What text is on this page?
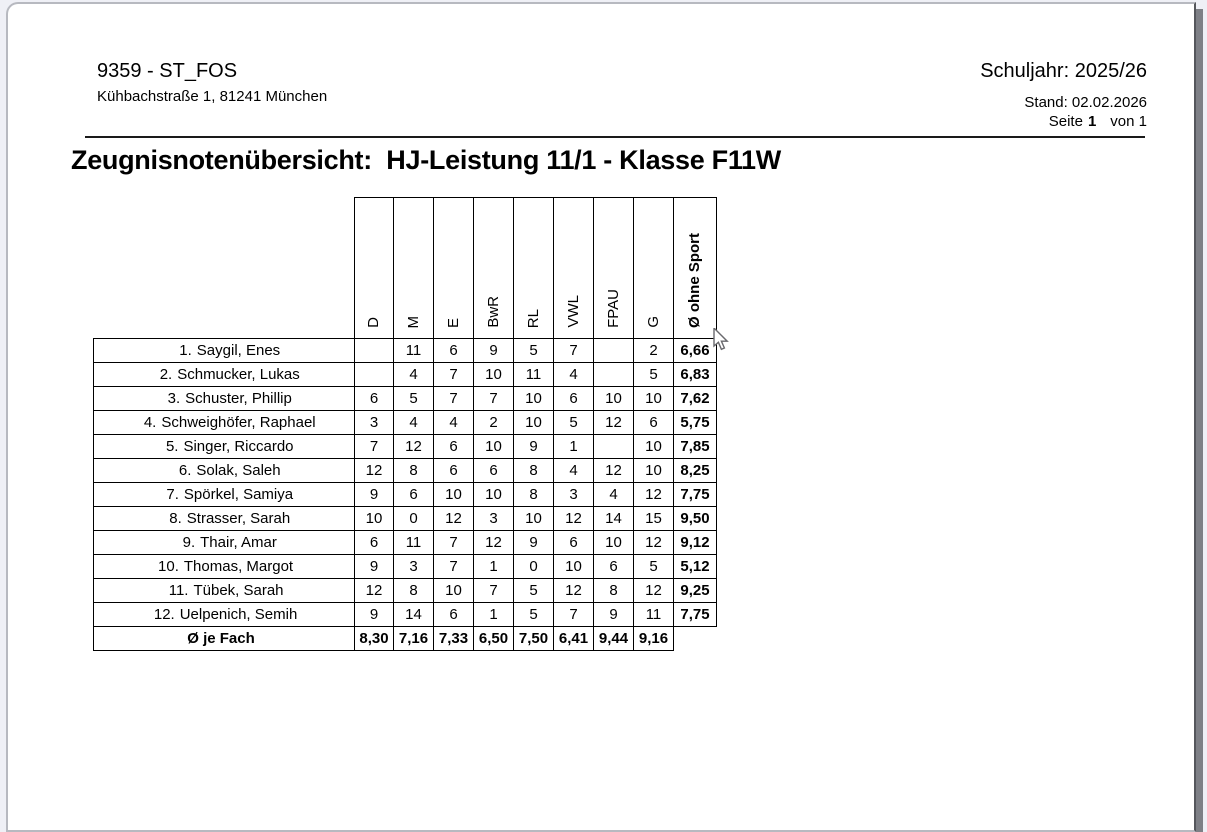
9359 - ST_FOS
Kühbachstraße 1, 81241 München
Schuljahr: 2025/26
Stand: 02.02.2026
Seite 1 von 1
Zeugnisnotenübersicht:  HJ-Leistung 11/1 - Klasse F11W
	D	M	E	BwR	RL	VWL	FPAU	G	Ø ohne Sport
1. Saygil, Enes		11	6	9	5	7		2	6,66
2. Schmucker, Lukas		4	7	10	11	4		5	6,83
3. Schuster, Phillip	6	5	7	7	10	6	10	10	7,62
4. Schweighöfer, Raphael	3	4	4	2	10	5	12	6	5,75
5. Singer, Riccardo	7	12	6	10	9	1		10	7,85
6. Solak, Saleh	12	8	6	6	8	4	12	10	8,25
7. Spörkel, Samiya	9	6	10	10	8	3	4	12	7,75
8. Strasser, Sarah	10	0	12	3	10	12	14	15	9,50
9. Thair, Amar	6	11	7	12	9	6	10	12	9,12
10. Thomas, Margot	9	3	7	1	0	10	6	5	5,12
11. Tübek, Sarah	12	8	10	7	5	12	8	12	9,25
12. Uelpenich, Semih	9	14	6	1	5	7	9	11	7,75
Ø je Fach	8,30	7,16	7,33	6,50	7,50	6,41	9,44	9,16	
